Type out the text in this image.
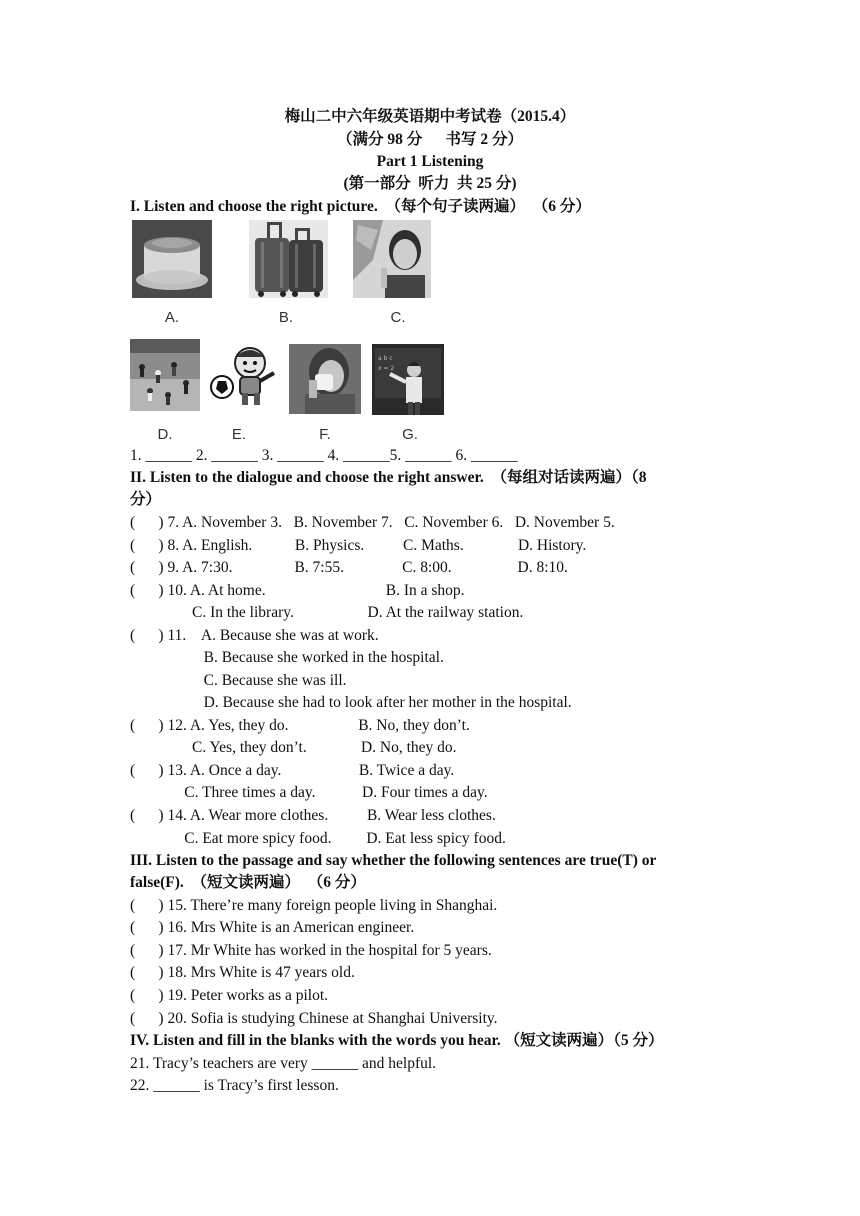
梅山二中六年级英语期中考试卷（2015.4）
（满分 98 分      书写 2 分）
Part 1 Listening
(第一部分  听力  共 25 分)
I. Listen and choose the right picture.  （每个句子读两遍）  （6 分）
A.	B.	C.
D.	E.	F.
a b c
x = 2
G.
1. ______ 2. ______ 3. ______ 4. ______5. ______ 6. ______
II. Listen to the dialogue and choose the right answer.  （每组对话读两遍）（8
分）
(      ) 7. A. November 3.   B. November 7.   C. November 6.   D. November 5.
(      ) 8. A. English.           B. Physics.          C. Maths.              D. History.
(      ) 9. A. 7:30.                B. 7:55.               C. 8:00.                 D. 8:10.
(      ) 10. A. At home.                               B. In a shop.
C. In the library.                   D. At the railway station.
(      ) 11.    A. Because she was at work.
B. Because she worked in the hospital.
C. Because she was ill.
D. Because she had to look after her mother in the hospital.
(      ) 12. A. Yes, they do.                  B. No, they don’t.
C. Yes, they don’t.              D. No, they do.
(      ) 13. A. Once a day.                    B. Twice a day.
C. Three times a day.            D. Four times a day.
(      ) 14. A. Wear more clothes.          B. Wear less clothes.
C. Eat more spicy food.         D. Eat less spicy food.
III. Listen to the passage and say whether the following sentences are true(T) or
false(F).  （短文读两遍）  （6 分）
(      ) 15. There’re many foreign people living in Shanghai.
(      ) 16. Mrs White is an American engineer.
(      ) 17. Mr White has worked in the hospital for 5 years.
(      ) 18. Mrs White is 47 years old.
(      ) 19. Peter works as a pilot.
(      ) 20. Sofia is studying Chinese at Shanghai University.
IV. Listen and fill in the blanks with the words you hear. （短文读两遍）（5 分）
21. Tracy’s teachers are very ______ and helpful.
22. ______ is Tracy’s first lesson.
